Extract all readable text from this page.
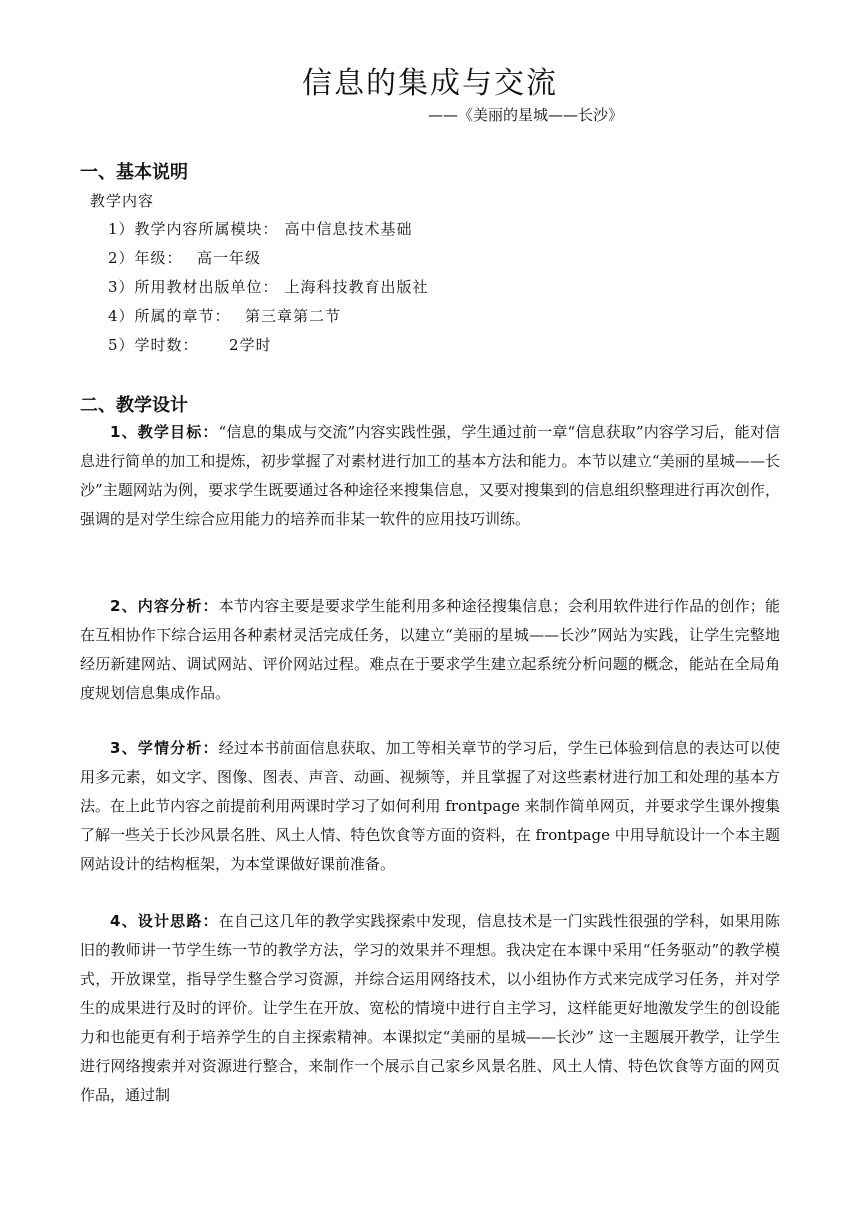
信息的集成与交流
——《美丽的星城——长沙》
一、基本说明
教学内容
1）教学内容所属模块： 高中信息技术基础
2）年级：　高一年级
3）所用教材出版单位： 上海科技教育出版社
4）所属的章节：　第三章第二节
5）学时数：　　2学时
二、教学设计
1、教学目标：“信息的集成与交流”内容实践性强，学生通过前一章“信息获取”内容学习后，能对信息进行简单的加工和提炼，初步掌握了对素材进行加工的基本方法和能力。本节以建立“美丽的星城——长沙”主题网站为例，要求学生既要通过各种途径来搜集信息，又要对搜集到的信息组织整理进行再次创作，强调的是对学生综合应用能力的培养而非某一软件的应用技巧训练。
2、内容分析：本节内容主要是要求学生能利用多种途径搜集信息；会利用软件进行作品的创作；能在互相协作下综合运用各种素材灵活完成任务，以建立“美丽的星城——长沙”网站为实践，让学生完整地经历新建网站、调试网站、评价网站过程。难点在于要求学生建立起系统分析问题的概念，能站在全局角度规划信息集成作品。
3、学情分析：经过本书前面信息获取、加工等相关章节的学习后，学生已体验到信息的表达可以使用多元素，如文字、图像、图表、声音、动画、视频等，并且掌握了对这些素材进行加工和处理的基本方法。在上此节内容之前提前利用两课时学习了如何利用 frontpage 来制作简单网页，并要求学生课外搜集了解一些关于长沙风景名胜、风土人情、特色饮食等方面的资料，在 frontpage 中用导航设计一个本主题网站设计的结构框架，为本堂课做好课前准备。
4、设计思路：在自己这几年的教学实践探索中发现，信息技术是一门实践性很强的学科，如果用陈旧的教师讲一节学生练一节的教学方法，学习的效果并不理想。我决定在本课中采用“任务驱动”的教学模式，开放课堂，指导学生整合学习资源，并综合运用网络技术，以小组协作方式来完成学习任务，并对学生的成果进行及时的评价。让学生在开放、宽松的情境中进行自主学习，这样能更好地激发学生的创设能力和也能更有利于培养学生的自主探索精神。本课拟定“美丽的星城——长沙” 这一主题展开教学，让学生进行网络搜索并对资源进行整合，来制作一个展示自己家乡风景名胜、风土人情、特色饮食等方面的网页作品，通过制
